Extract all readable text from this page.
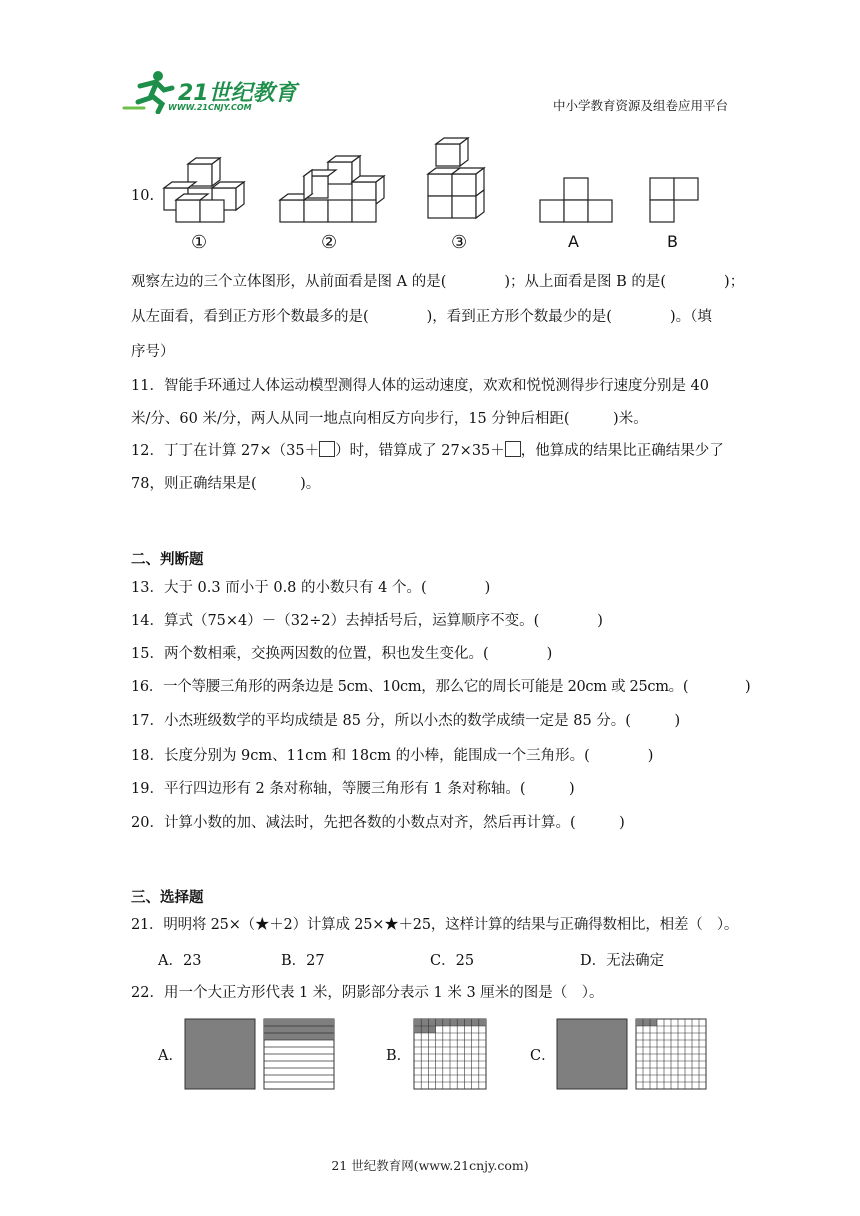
21世纪教育
WWW.21CNJY.COM	中小学教育资源及组卷应用平台
10.
①	②	③	A	B
观察左边的三个立体图形，从前面看是图 A 的是(　　　　)；从上面看是图 B 的是(　　　　)；
从左面看，看到正方形个数最多的是(　　　　)，看到正方形个数最少的是(　　　　)。（填
序号）
11．智能手环通过人体运动模型测得人体的运动速度，欢欢和悦悦测得步行速度分别是 40
米/分、60 米/分，两人从同一地点向相反方向步行，15 分钟后相距(　　　)米。
12．丁丁在计算 27×（35＋ ）时，错算成了 27×35＋ ，他算成的结果比正确结果少了
78，则正确结果是(　　　)。
二、判断题
13．大于 0.3 而小于 0.8 的小数只有 4 个。(　　　　)
14．算式（75×4）－（32÷2）去掉括号后，运算顺序不变。(　　　　)
15．两个数相乘，交换两因数的位置，积也发生变化。(　　　　)
16．一个等腰三角形的两条边是 5cm、10cm，那么它的周长可能是 20cm 或 25cm。(　　　　)
17．小杰班级数学的平均成绩是 85 分，所以小杰的数学成绩一定是 85 分。(　　　)
18．长度分别为 9cm、11cm 和 18cm 的小棒，能围成一个三角形。(　　　　)
19．平行四边形有 2 条对称轴，等腰三角形有 1 条对称轴。(　　　)
20．计算小数的加、减法时，先把各数的小数点对齐，然后再计算。(　　　)
三、选择题
21．明明将 25×（★＋2）计算成 25×★＋25，这样计算的结果与正确得数相比，相差（　）。
A．23	B．27	C．25	D．无法确定
22．用一个大正方形代表 1 米，阴影部分表示 1 米 3 厘米的图是（　）。
A．	B．	C．
21 世纪教育网(www.21cnjy.com)
